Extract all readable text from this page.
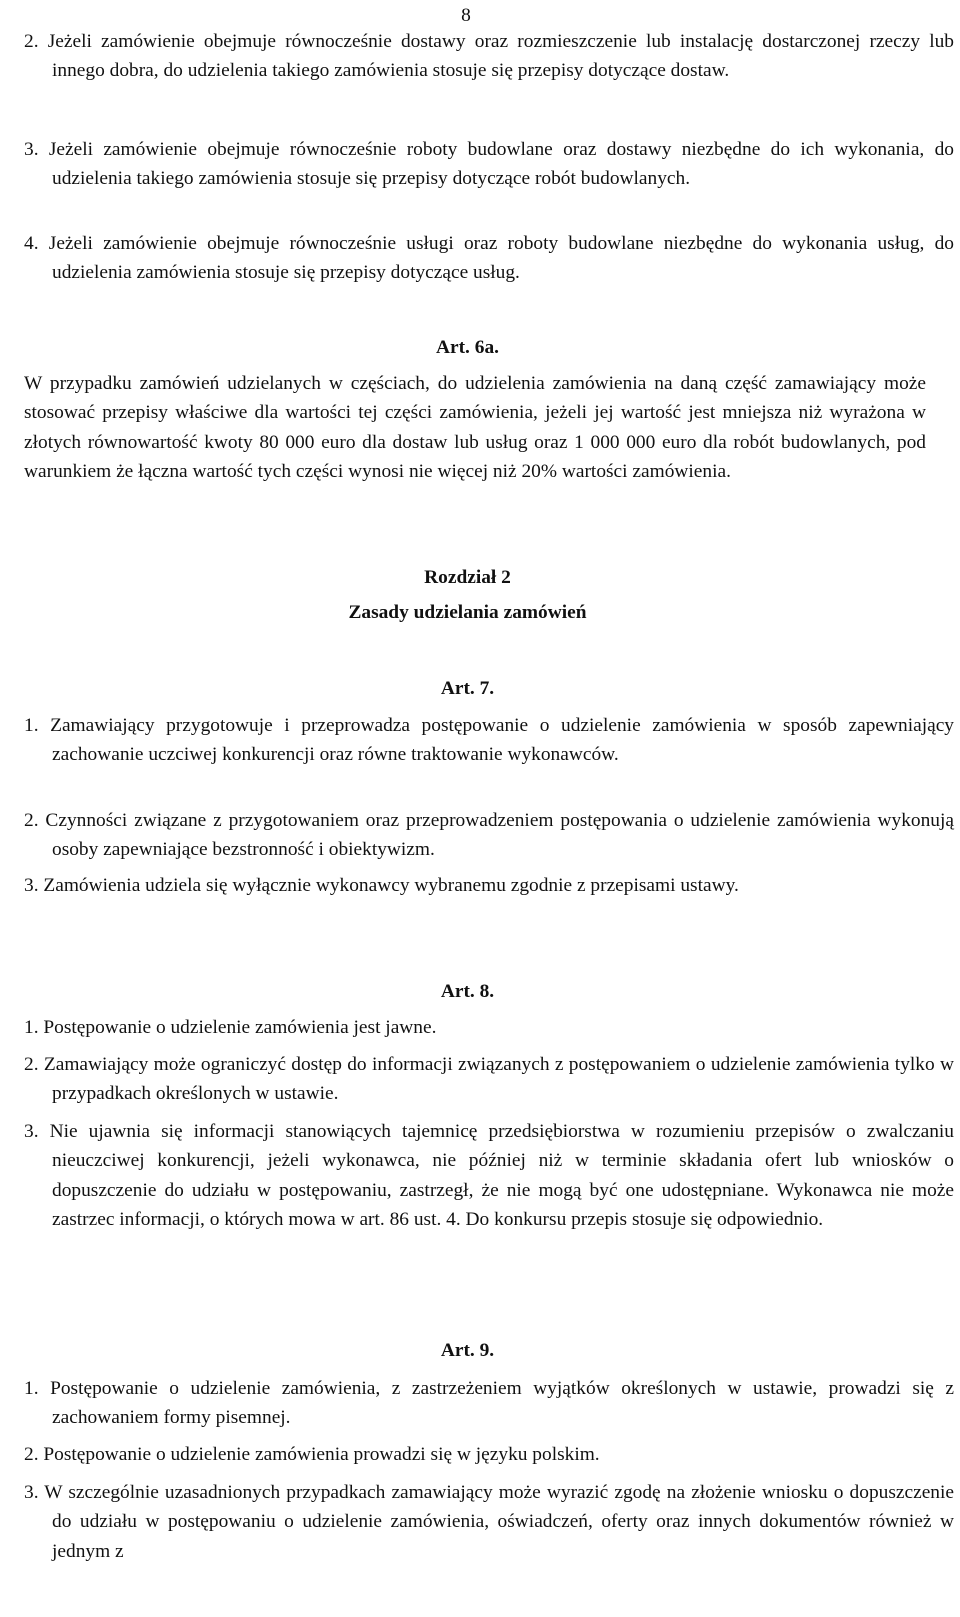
8
2. Jeżeli zamówienie obejmuje równocześnie dostawy oraz rozmieszczenie lub instalację dostarczonej rzeczy lub innego dobra, do udzielenia takiego zamówienia stosuje się przepisy dotyczące dostaw.
3. Jeżeli zamówienie obejmuje równocześnie roboty budowlane oraz dostawy niezbędne do ich wykonania, do udzielenia takiego zamówienia stosuje się przepisy dotyczące robót budowlanych.
4. Jeżeli zamówienie obejmuje równocześnie usługi oraz roboty budowlane niezbędne do wykonania usług, do udzielenia zamówienia stosuje się przepisy dotyczące usług.
Art. 6a.
W przypadku zamówień udzielanych w częściach, do udzielenia zamówienia na daną część zamawiający może stosować przepisy właściwe dla wartości tej części zamówienia, jeżeli jej wartość jest mniejsza niż wyrażona w złotych równowartość kwoty 80 000 euro dla dostaw lub usług oraz 1 000 000 euro dla robót budowlanych, pod warunkiem że łączna wartość tych części wynosi nie więcej niż 20% wartości zamówienia.
Rozdział 2
Zasady udzielania zamówień
Art. 7.
1. Zamawiający przygotowuje i przeprowadza postępowanie o udzielenie zamówienia w sposób zapewniający zachowanie uczciwej konkurencji oraz równe traktowanie wykonawców.
2. Czynności związane z przygotowaniem oraz przeprowadzeniem postępowania o udzielenie zamówienia wykonują osoby zapewniające bezstronność i obiektywizm.
3. Zamówienia udziela się wyłącznie wykonawcy wybranemu zgodnie z przepisami ustawy.
Art. 8.
1. Postępowanie o udzielenie zamówienia jest jawne.
2. Zamawiający może ograniczyć dostęp do informacji związanych z postępowaniem o udzielenie zamówienia tylko w przypadkach określonych w ustawie.
3. Nie ujawnia się informacji stanowiących tajemnicę przedsiębiorstwa w rozumieniu przepisów o zwalczaniu nieuczciwej konkurencji, jeżeli wykonawca, nie później niż w terminie składania ofert lub wniosków o dopuszczenie do udziału w postępowaniu, zastrzegł, że nie mogą być one udostępniane. Wykonawca nie może zastrzec informacji, o których mowa w art. 86 ust. 4. Do konkursu przepis stosuje się odpowiednio.
Art. 9.
1. Postępowanie o udzielenie zamówienia, z zastrzeżeniem wyjątków określonych w ustawie, prowadzi się z zachowaniem formy pisemnej.
2. Postępowanie o udzielenie zamówienia prowadzi się w języku polskim.
3. W szczególnie uzasadnionych przypadkach zamawiający może wyrazić zgodę na złożenie wniosku o dopuszczenie do udziału w postępowaniu o udzielenie zamówienia, oświadczeń, oferty oraz innych dokumentów również w jednym z
